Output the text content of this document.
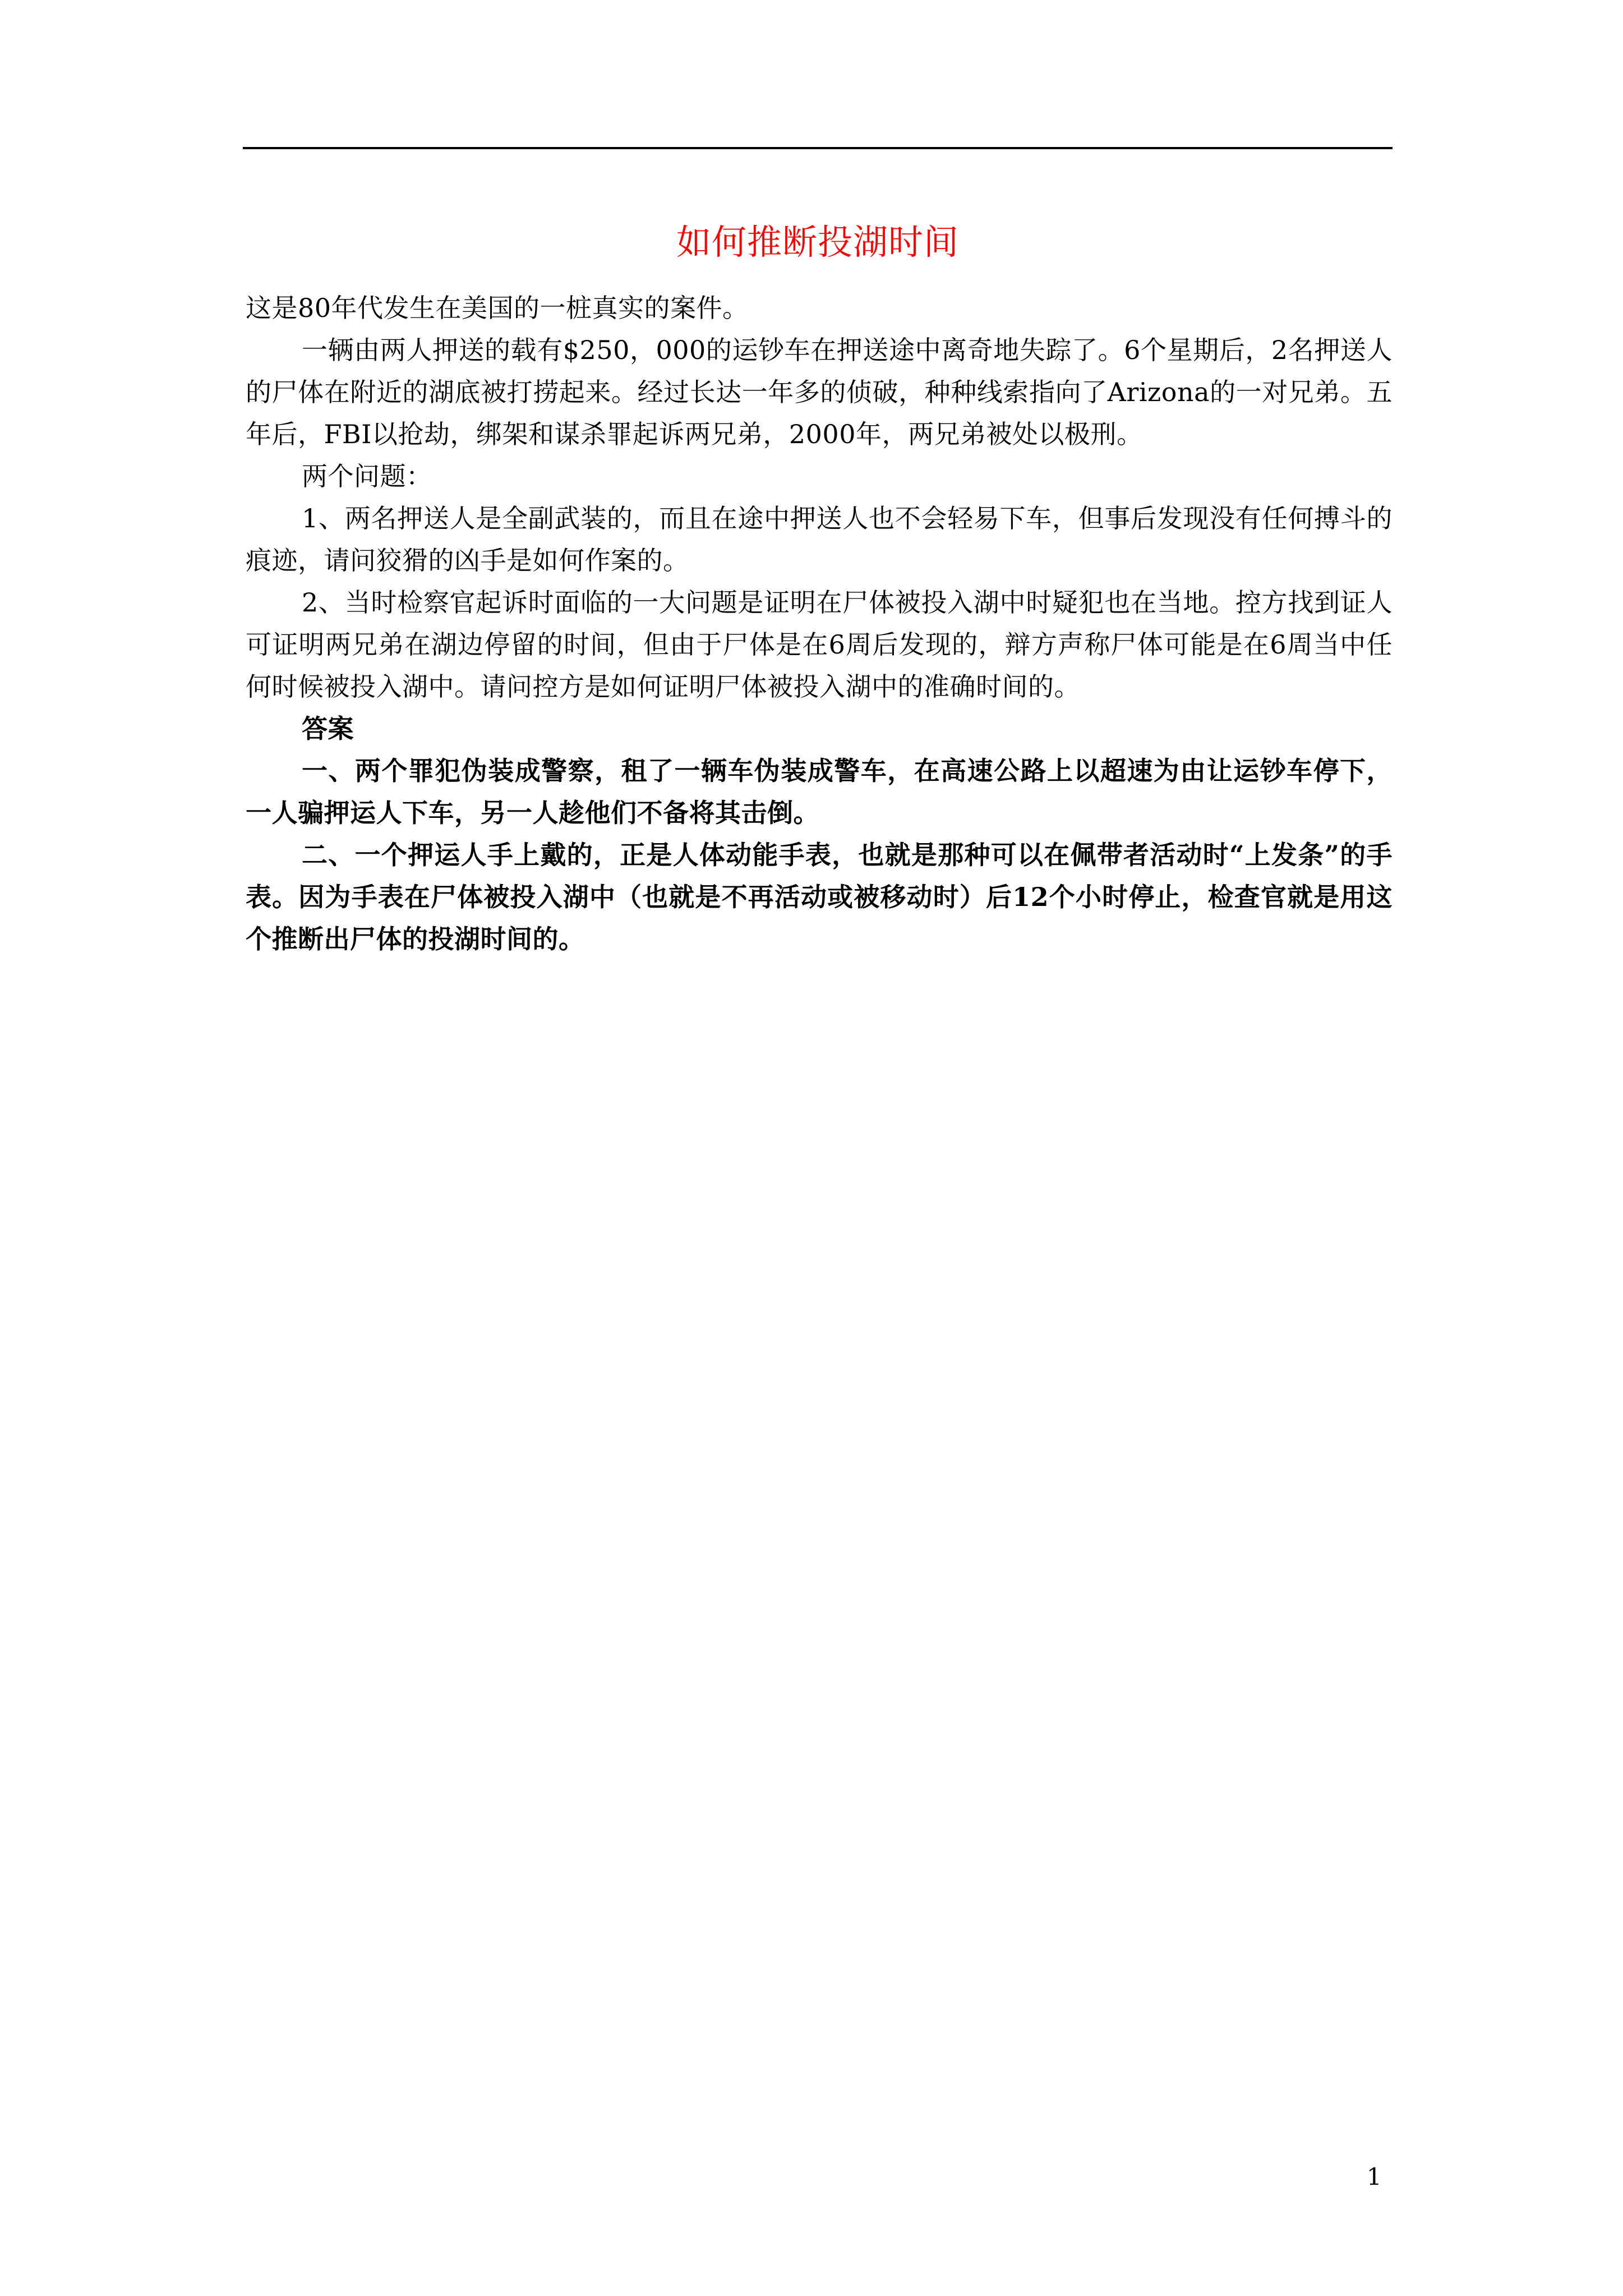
如何推断投湖时间

这是80年代发生在美国的一桩真实的案件。

一辆由两人押送的载有$250，000的运钞车在押送途中离奇地失踪了。6个星期后，2名押送人的尸体在附近的湖底被打捞起来。经过长达一年多的侦破，种种线索指向了Arizona的一对兄弟。五年后，FBI以抢劫，绑架和谋杀罪起诉两兄弟，2000年，两兄弟被处以极刑。

两个问题：

1、两名押送人是全副武装的，而且在途中押送人也不会轻易下车，但事后发现没有任何搏斗的痕迹，请问狡猾的凶手是如何作案的。

2、当时检察官起诉时面临的一大问题是证明在尸体被投入湖中时疑犯也在当地。控方找到证人可证明两兄弟在湖边停留的时间，但由于尸体是在6周后发现的，辩方声称尸体可能是在6周当中任何时候被投入湖中。请问控方是如何证明尸体被投入湖中的准确时间的。

答案

一、两个罪犯伪装成警察，租了一辆车伪装成警车，在高速公路上以超速为由让运钞车停下，一人骗押运人下车，另一人趁他们不备将其击倒。

二、一个押运人手上戴的，正是人体动能手表，也就是那种可以在佩带者活动时“上发条”的手表。因为手表在尸体被投入湖中（也就是不再活动或被移动时）后12个小时停止，检查官就是用这个推断出尸体的投湖时间的。

1
